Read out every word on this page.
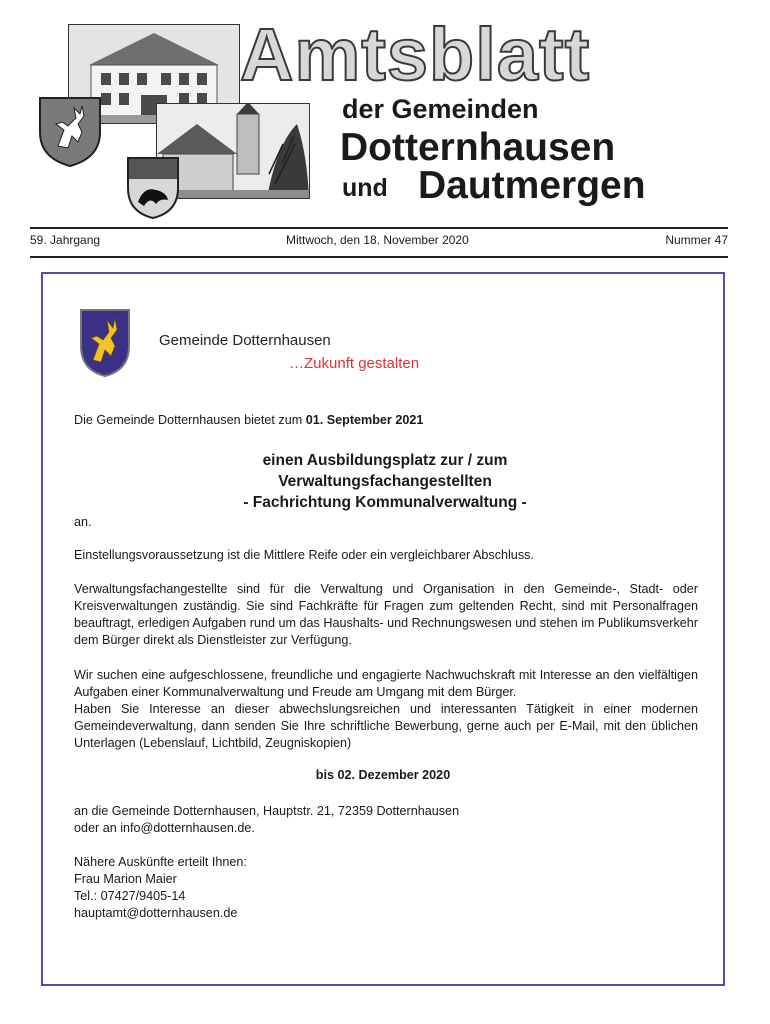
Amtsblatt
der Gemeinden
Dotternhausen
und Dautmergen
59. Jahrgang	Mittwoch, den 18. November 2020	Nummer 47
Gemeinde Dotternhausen
…Zukunft gestalten
Die Gemeinde Dotternhausen bietet zum 01. September 2021
einen Ausbildungsplatz zur / zum
Verwaltungsfachangestellten
- Fachrichtung Kommunalverwaltung -
an.
Einstellungsvoraussetzung ist die Mittlere Reife oder ein vergleichbarer Abschluss.
Verwaltungsfachangestellte sind für die Verwaltung und Organisation in den Gemeinde-, Stadt- oder Kreisverwaltungen zuständig. Sie sind Fachkräfte für Fragen zum geltenden Recht, sind mit Personalfragen beauftragt, erledigen Aufgaben rund um das Haushalts- und Rechnungswesen und stehen im Publikumsverkehr dem Bürger direkt als Dienstleister zur Verfügung.
Wir suchen eine aufgeschlossene, freundliche und engagierte Nachwuchskraft mit Interesse an den vielfältigen Aufgaben einer Kommunalverwaltung und Freude am Umgang mit dem Bürger.
Haben Sie Interesse an dieser abwechslungsreichen und interessanten Tätigkeit in einer modernen Gemeindeverwaltung, dann senden Sie Ihre schriftliche Bewerbung, gerne auch per E-Mail, mit den üblichen Unterlagen (Lebenslauf, Lichtbild, Zeugniskopien)
bis 02. Dezember 2020
an die Gemeinde Dotternhausen, Hauptstr. 21, 72359 Dotternhausen
oder an info@dotternhausen.de.
Nähere Auskünfte erteilt Ihnen:
Frau Marion Maier
Tel.: 07427/9405-14
hauptamt@dotternhausen.de
